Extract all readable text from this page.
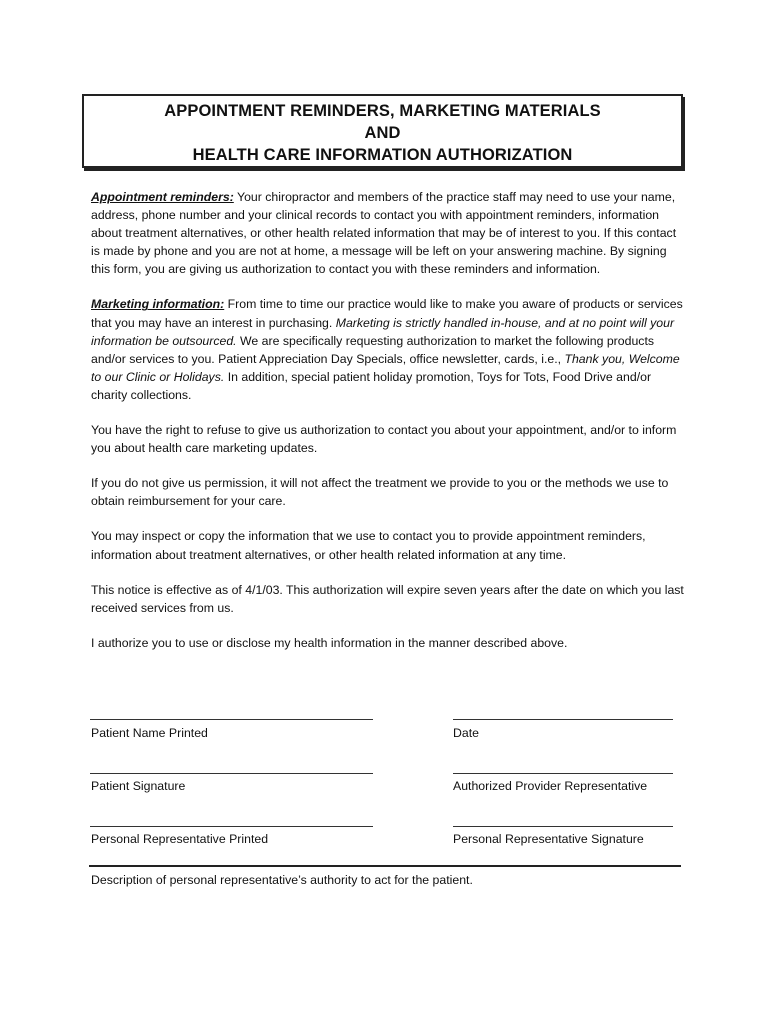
APPOINTMENT REMINDERS, MARKETING MATERIALS
AND
HEALTH CARE INFORMATION AUTHORIZATION

Appointment reminders: Your chiropractor and members of the practice staff may need to use your name, address, phone number and your clinical records to contact you with appointment reminders, information about treatment alternatives, or other health related information that may be of interest to you. If this contact is made by phone and you are not at home, a message will be left on your answering machine. By signing this form, you are giving us authorization to contact you with these reminders and information.

Marketing information: From time to time our practice would like to make you aware of products or services that you may have an interest in purchasing. Marketing is strictly handled in-house, and at no point will your information be outsourced. We are specifically requesting authorization to market the following products and/or services to you. Patient Appreciation Day Specials, office newsletter, cards, i.e., Thank you, Welcome to our Clinic or Holidays. In addition, special patient holiday promotion, Toys for Tots, Food Drive and/or charity collections.

You have the right to refuse to give us authorization to contact you about your appointment, and/or to inform you about health care marketing updates.

If you do not give us permission, it will not affect the treatment we provide to you or the methods we use to obtain reimbursement for your care.

You may inspect or copy the information that we use to contact you to provide appointment reminders, information about treatment alternatives, or other health related information at any time.

This notice is effective as of 4/1/03. This authorization will expire seven years after the date on which you last received services from us.

I authorize you to use or disclose my health information in the manner described above.

Patient Name Printed	Date
Patient Signature	Authorized Provider Representative
Personal Representative Printed	Personal Representative Signature
Description of personal representative’s authority to act for the patient.
